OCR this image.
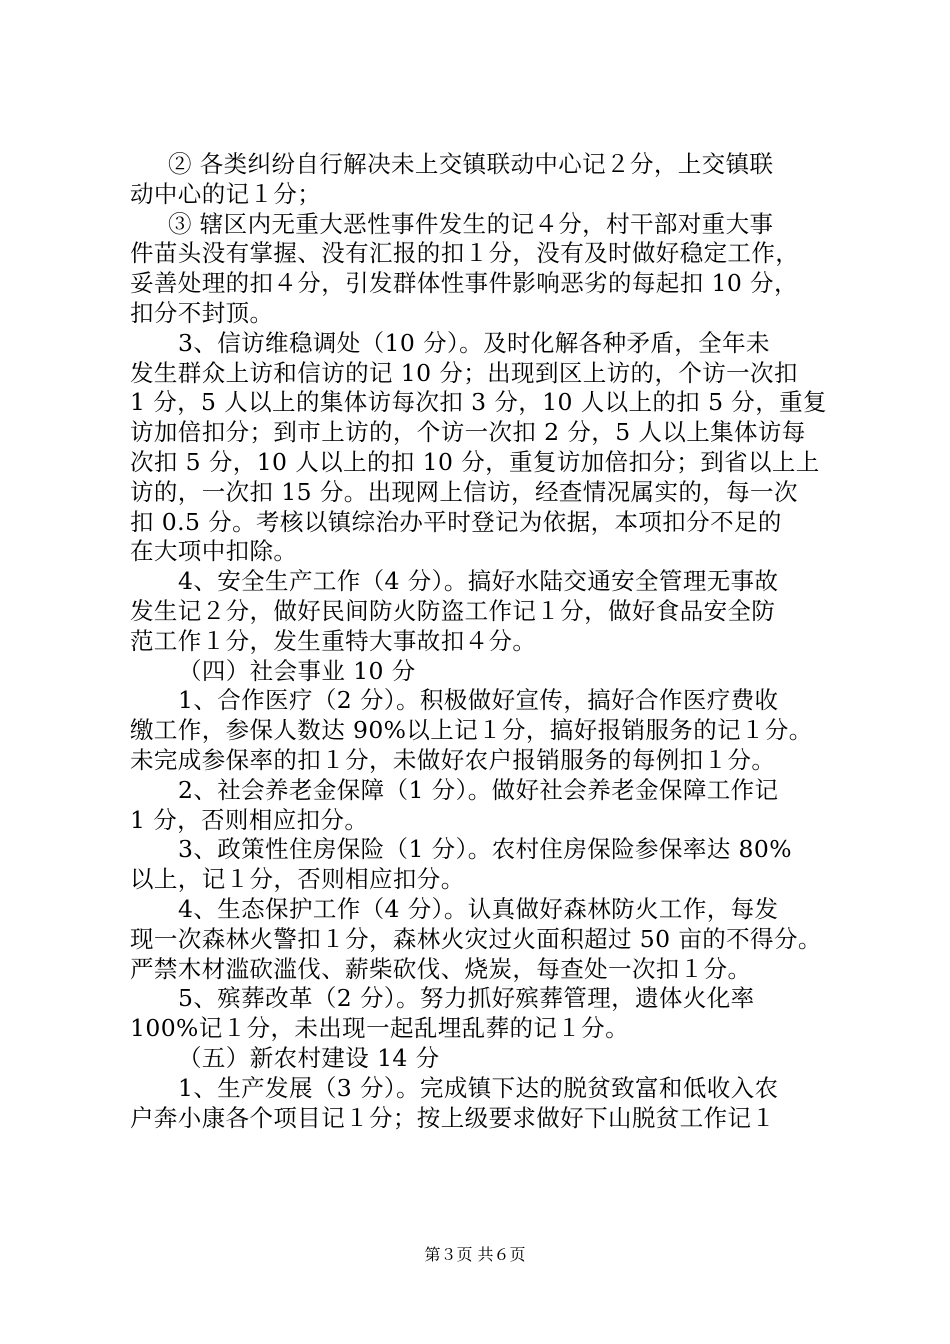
② 各类纠纷自行解决未上交镇联动中心记２分，上交镇联
动中心的记１分；
③ 辖区内无重大恶性事件发生的记４分，村干部对重大事
件苗头没有掌握、没有汇报的扣１分，没有及时做好稳定工作，
妥善处理的扣４分，引发群体性事件影响恶劣的每起扣 10 分，
扣分不封顶。
3、信访维稳调处（10 分）。及时化解各种矛盾，全年未
发生群众上访和信访的记 10 分；出现到区上访的，个访一次扣
1 分，5 人以上的集体访每次扣 3 分，10 人以上的扣 5 分，重复
访加倍扣分；到市上访的，个访一次扣 2 分，5 人以上集体访每
次扣 5 分，10 人以上的扣 10 分，重复访加倍扣分；到省以上上
访的，一次扣 15 分。出现网上信访，经查情况属实的，每一次
扣 0.5 分。考核以镇综治办平时登记为依据，本项扣分不足的
在大项中扣除。
4、安全生产工作（4 分）。搞好水陆交通安全管理无事故
发生记２分，做好民间防火防盗工作记１分，做好食品安全防
范工作１分，发生重特大事故扣４分。
（四）社会事业 10 分
1、合作医疗（2 分）。积极做好宣传，搞好合作医疗费收
缴工作，参保人数达 90%以上记１分，搞好报销服务的记１分。
未完成参保率的扣１分，未做好农户报销服务的每例扣１分。
2、社会养老金保障（1 分）。做好社会养老金保障工作记
1 分，否则相应扣分。
3、政策性住房保险（1 分）。农村住房保险参保率达 80%
以上，记１分，否则相应扣分。
4、生态保护工作（4 分）。认真做好森林防火工作，每发
现一次森林火警扣１分，森林火灾过火面积超过 50 亩的不得分。
严禁木材滥砍滥伐、薪柴砍伐、烧炭，每查处一次扣１分。
5、殡葬改革（2 分）。努力抓好殡葬管理，遗体火化率
100%记１分，未出现一起乱埋乱葬的记１分。
（五）新农村建设 14 分
1、生产发展（3 分）。完成镇下达的脱贫致富和低收入农
户奔小康各个项目记１分；按上级要求做好下山脱贫工作记１
第３页 共６页
